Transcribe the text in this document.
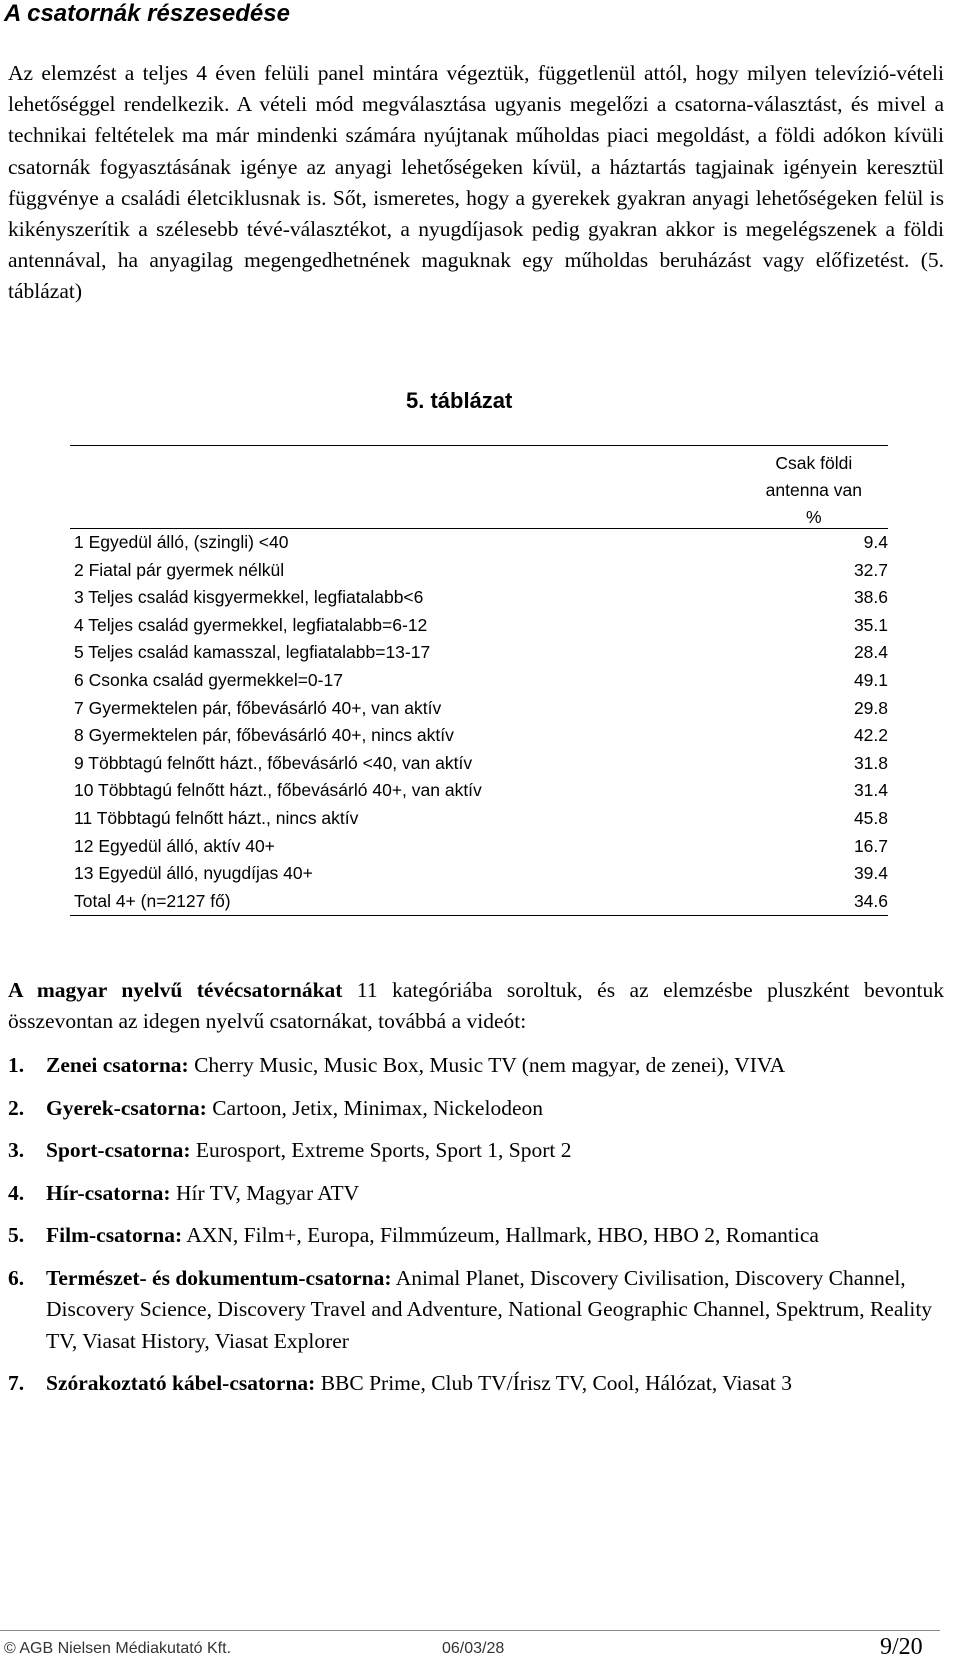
A csatornák részesedése

Az elemzést a teljes 4 éven felüli panel mintára végeztük, függetlenül attól, hogy milyen televízió-vételi lehetőséggel rendelkezik. A vételi mód megválasztása ugyanis megelőzi a csatorna-választást, és mivel a technikai feltételek ma már mindenki számára nyújtanak műholdas piaci megoldást, a földi adókon kívüli csatornák fogyasztásának igénye az anyagi lehetőségeken kívül, a háztartás tagjainak igényein keresztül függvénye a családi életciklusnak is. Sőt, ismeretes, hogy a gyerekek gyakran anyagi lehetőségeken felül is kikényszerítik a szélesebb tévé-választékot, a nyugdíjasok pedig gyakran akkor is megelégszenek a földi antennával, ha anyagilag megengedhetnének maguknak egy műholdas beruházást vagy előfizetést. (5. táblázat)

5. táblázat
Csak földi
antenna van
%
1 Egyedül álló, (szingli) <40	9.4
2 Fiatal pár gyermek nélkül	32.7
3 Teljes család kisgyermekkel, legfiatalabb<6	38.6
4 Teljes család gyermekkel, legfiatalabb=6-12	35.1
5 Teljes család kamasszal, legfiatalabb=13-17	28.4
6 Csonka család gyermekkel=0-17	49.1
7 Gyermektelen pár, főbevásárló 40+, van aktív	29.8
8 Gyermektelen pár, főbevásárló 40+, nincs aktív	42.2
9 Többtagú felnőtt házt., főbevásárló <40, van aktív	31.8
10 Többtagú felnőtt házt., főbevásárló 40+, van aktív	31.4
11 Többtagú felnőtt házt., nincs aktív	45.8
12 Egyedül álló, aktív 40+	16.7
13 Egyedül álló, nyugdíjas 40+	39.4
Total 4+ (n=2127 fő)	34.6

A magyar nyelvű tévécsatornákat 11 kategóriába soroltuk, és az elemzésbe pluszként bevontuk összevontan az idegen nyelvű csatornákat, továbbá a videót:

1. Zenei csatorna: Cherry Music, Music Box, Music TV (nem magyar, de zenei), VIVA

2. Gyerek-csatorna: Cartoon, Jetix, Minimax, Nickelodeon

3. Sport-csatorna: Eurosport, Extreme Sports, Sport 1, Sport 2

4. Hír-csatorna: Hír TV, Magyar ATV

5. Film-csatorna: AXN, Film+, Europa, Filmmúzeum, Hallmark, HBO, HBO 2, Romantica

6. Természet- és dokumentum-csatorna: Animal Planet, Discovery Civilisation, Discovery Channel, Discovery Science, Discovery Travel and Adventure, National Geographic Channel, Spektrum, Reality TV, Viasat History, Viasat Explorer

7. Szórakoztató kábel-csatorna: BBC Prime, Club TV/Írisz TV, Cool, Hálózat, Viasat 3

© AGB Nielsen Médiakutató Kft.	06/03/28	9/20
